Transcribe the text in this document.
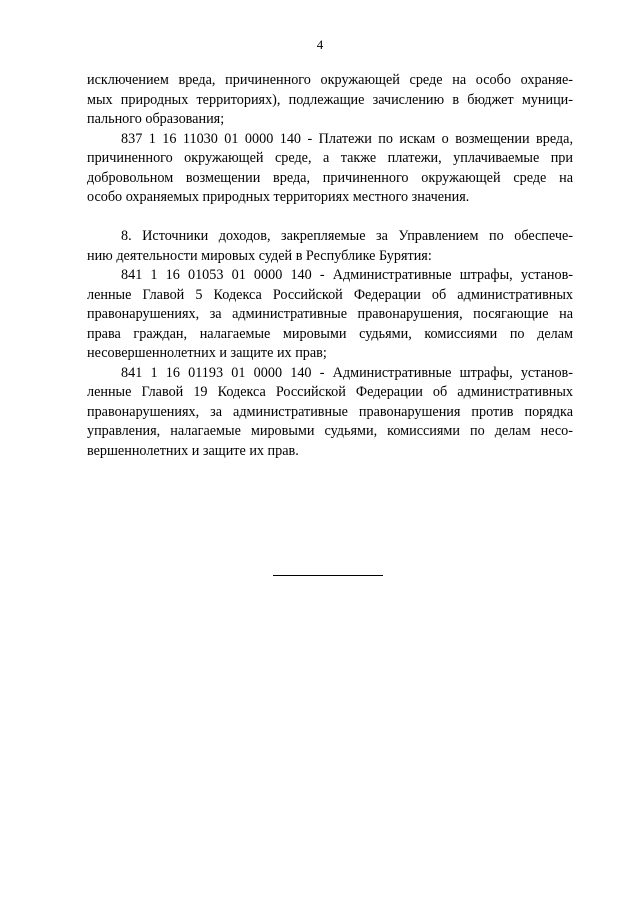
4
исключением вреда, причиненного окружающей среде на особо охраняе-
мых природных территориях), подлежащие зачислению в бюджет муници-
пального образования;
837 1 16 11030 01 0000 140 - Платежи по искам о возмещении вреда,
причиненного окружающей среде, а также платежи, уплачиваемые при
добровольном возмещении вреда, причиненного окружающей среде на
особо охраняемых природных территориях местного значения.
8. Источники доходов, закрепляемые за Управлением по обеспече-
нию деятельности мировых судей в Республике Бурятия:
841 1 16 01053 01 0000 140 - Административные штрафы, установ-
ленные Главой 5 Кодекса Российской Федерации об административных
правонарушениях, за административные правонарушения, посягающие на
права граждан, налагаемые мировыми судьями, комиссиями по делам
несовершеннолетних и защите их прав;
841 1 16 01193 01 0000 140 - Административные штрафы, установ-
ленные Главой 19 Кодекса Российской Федерации об административных
правонарушениях, за административные правонарушения против порядка
управления, налагаемые мировыми судьями, комиссиями по делам несо-
вершеннолетних и защите их прав.
